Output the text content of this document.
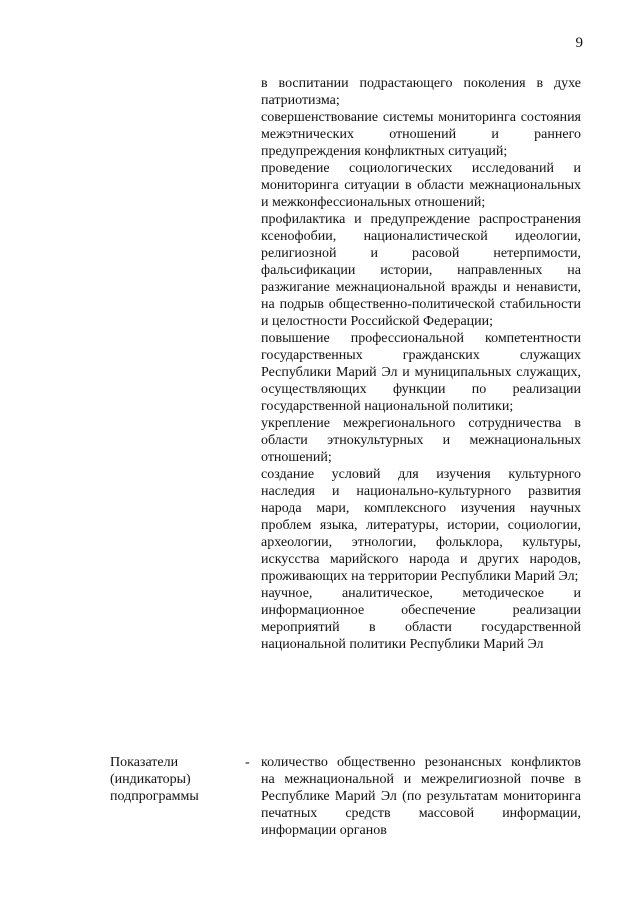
9

в воспитании подрастающего поколения в духе патриотизма;

совершенствование системы мониторинга состояния межэтнических отношений и раннего предупреждения конфликтных ситуаций;

проведение социологических исследований и мониторинга ситуации в области межнациональных и межконфессиональных отношений;

профилактика и предупреждение распространения ксенофобии, националистической идеологии, религиозной и расовой нетерпимости, фальсификации истории, направленных на разжигание межнациональной вражды и ненависти, на подрыв общественно-политической стабильности и целостности Российской Федерации;

повышение профессиональной компетентности государственных гражданских служащих Республики Марий Эл и муниципальных служащих, осуществляющих функции по реализации государственной национальной политики;

укрепление межрегионального сотрудничества в области этнокультурных и межнациональных отношений;

создание условий для изучения культурного наследия и национально-культурного развития народа мари, комплексного изучения научных проблем языка, литературы, истории, социологии, археологии, этнологии, фольклора, культуры, искусства марийского народа и других народов, проживающих на территории Республики Марий Эл;

научное, аналитическое, методическое и информационное обеспечение реализации мероприятий в области государственной национальной политики Республики Марий Эл

Показатели
(индикаторы)
подпрограммы
- количество общественно резонансных конфликтов на межнациональной и межрелигиозной почве в Республике Марий Эл (по результатам мониторинга печатных средств массовой информации, информации органов
